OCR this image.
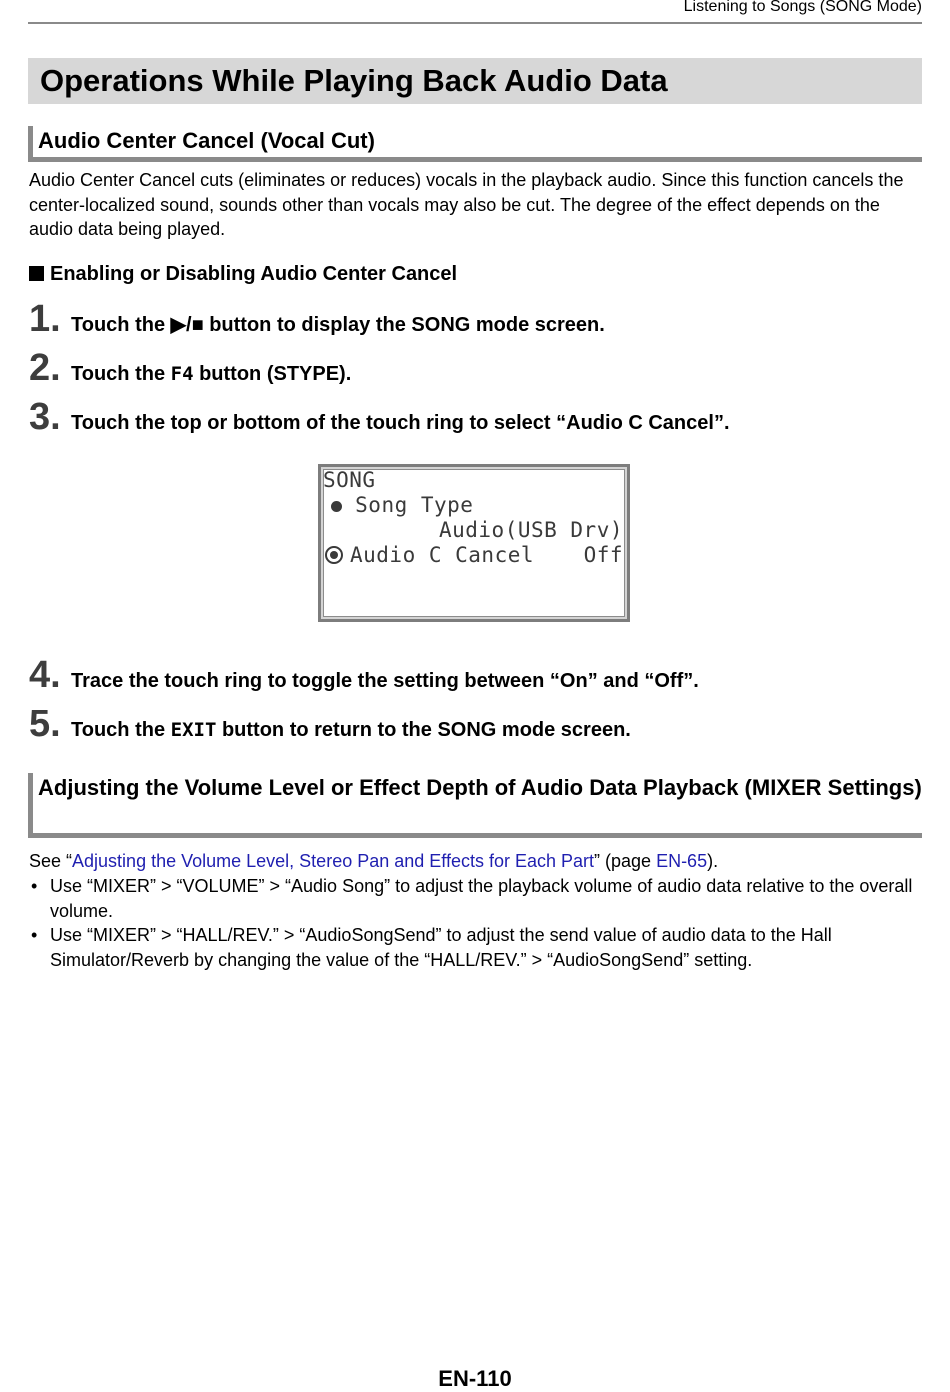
Listening to Songs (SONG Mode)
Operations While Playing Back Audio Data
Audio Center Cancel (Vocal Cut)

Audio Center Cancel cuts (eliminates or reduces) vocals in the playback audio. Since this function cancels the center-localized sound, sounds other than vocals may also be cut. The degree of the effect depends on the audio data being played.

Enabling or Disabling Audio Center Cancel
1. Touch the ▶/■ button to display the SONG mode screen.
2. Touch the F4 button (STYPE).
3. Touch the top or bottom of the touch ring to select “Audio C Cancel”.
SONG
Song Type
Audio(USB Drv)
Audio C Cancel Off
4. Trace the touch ring to toggle the setting between “On” and “Off”.
5. Touch the EXIT button to return to the SONG mode screen.
Adjusting the Volume Level or Effect Depth of Audio Data Playback (MIXER Settings)

See “Adjusting the Volume Level, Stereo Pan and Effects for Each Part” (page EN-65).

• Use “MIXER” > “VOLUME” > “Audio Song” to adjust the playback volume of audio data relative to the overall volume.
• Use “MIXER” > “HALL/REV.” > “AudioSongSend” to adjust the send value of audio data to the Hall Simulator/Reverb by changing the value of the “HALL/REV.” > “AudioSongSend” setting.
EN-110
